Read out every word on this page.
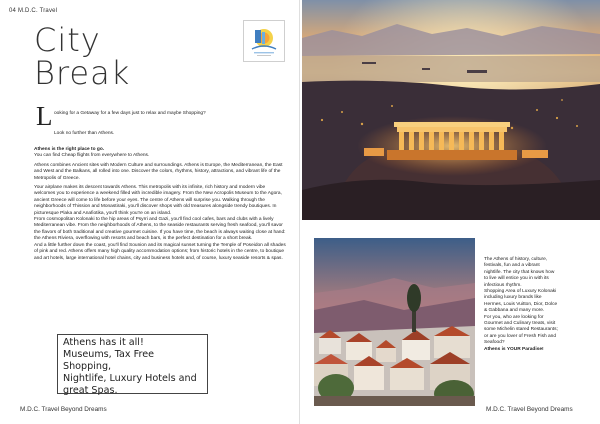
04 M.D.C. Travel
City
Break
L ooking for a Getaway for a few days just to relax and maybe Shopping?
Look no further than Athens.

Athens is the right place to go.

You can find Cheap flights from everywhere to Athens.

Athens combines Ancient sites with Modern Culture and surroundings. Athens is Europe, the Mediterranean, the East and West and the Balkans, all rolled into one. Discover the colors, rhythms, history, attractions, and vibrant life of the Metropolis of Greece.

Your airplane makes its descent towards Athens. This metropolis with its infinite, rich history and modern vibe welcomes you to experience a weekend filled with incredible imagery. From the New Acropolis Museum to the Agora, ancient Greece will come to life before your eyes. The centre of Athens will surprise you. Walking through the neighborhoods of Thission and Monastiraki, you'll discover shops with old treasures alongside trendy boutiques. In picturesque Plaka and Anafiotika, you'll think you're on an island.

From cosmopolitan Kolonaki to the hip areas of Psyrri and Gazi, you'll find cool cafes, bars and clubs with a lively Mediterranean vibe. From the neighborhoods of Athens, to the seaside restaurants serving fresh seafood, you'll savor the flavors of both traditional and creative gourmet cuisine. If you have time, the beach is always waiting close at hand: the Athens Riviera, overflowing with resorts and beach bars, is the perfect destination for a short break.

And a little further down the coast, you'll find Sounion and its magical sunset turning the Temple of Poseidon all shades of pink and red. Athens offers many high quality accommodation options; from historic hotels in the centre, to boutique and art hotels, large international hotel chains, city and business hotels and, of course, luxury seaside resorts & spas.

Athens has it all!
Museums, Tax Free Shopping,
Nightlife, Luxury Hotels and
great Spas.
M.D.C. Travel Beyond Dreams
The Athens of history, culture,
festivals, fun and a vibrant
nightlife. The city that knows how
to live will entice you in with its
infectious rhythm.
Shopping Area of Luxury Kolonaki
including luxury brands like
Hermes, Louis Vuitton, Dior, Dolce
& Gabbana and many more.
For you, who are looking for
Gourmet and Culinary treats, visit
some Michelin stared Restaurants;
or are you lover of Fresh Fish and
Seafood?
Athens is YOUR Paradise!
M.D.C. Travel Beyond Dreams
